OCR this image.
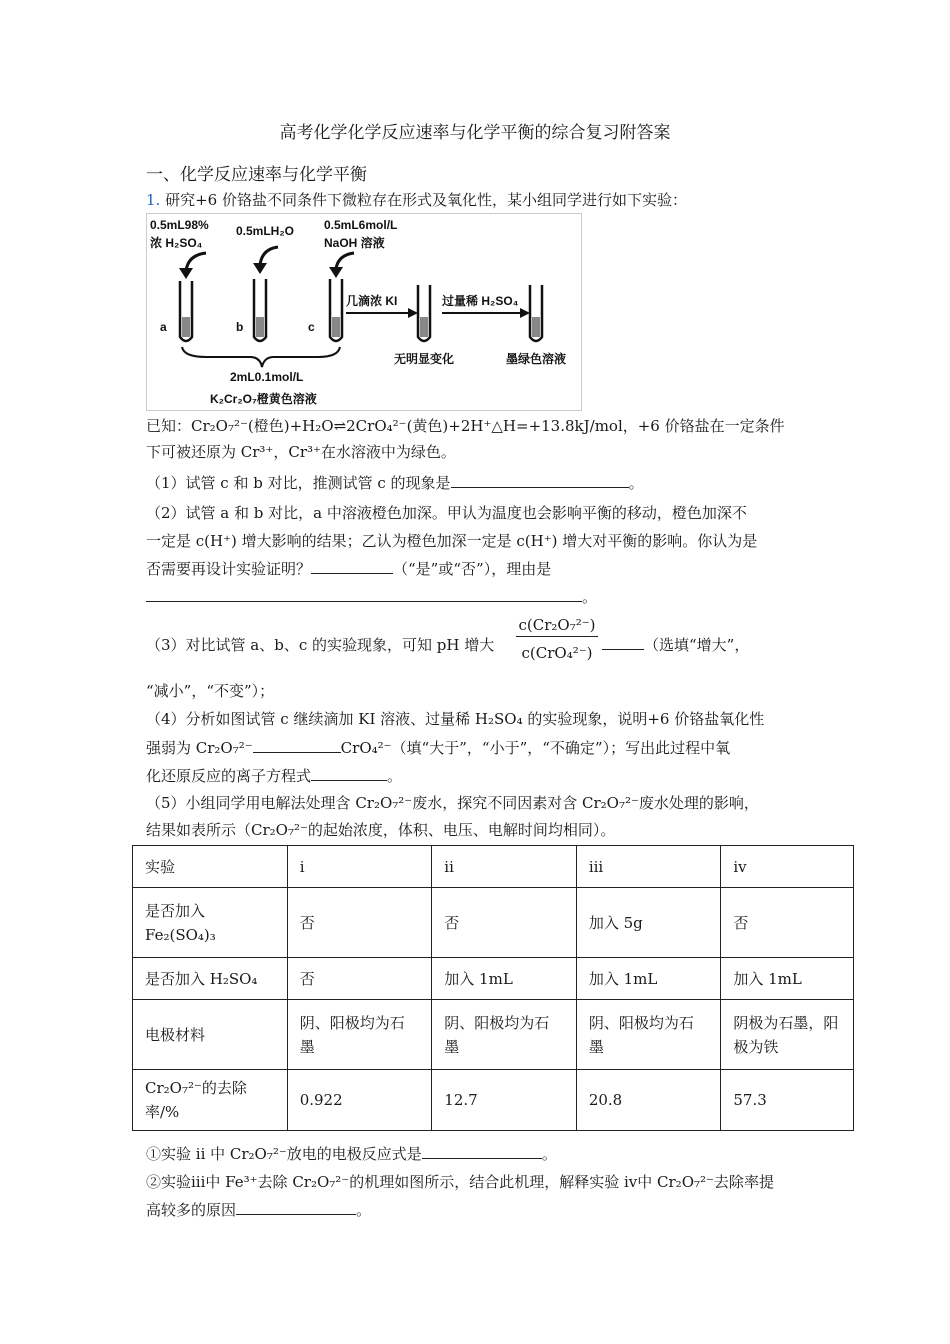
高考化学化学反应速率与化学平衡的综合复习附答案
一、化学反应速率与化学平衡
1. 研究+6 价铬盐不同条件下微粒存在形式及氧化性，某小组同学进行如下实验：
0.5mL98%
浓 H₂SO₄
0.5mLH₂O 0.5mL6mol/L
NaOH 溶液
a	b	c
几滴浓 KI	过量稀 H₂SO₄
无明显变化	墨绿色溶液
2mL0.1mol/L
K₂Cr₂O₇橙黄色溶液
已知：Cr₂O₇²⁻(橙色)+H₂O⇌2CrO₄²⁻(黄色)+2H⁺△H=+13.8kJ/mol，+6 价铬盐在一定条件
下可被还原为 Cr³⁺，Cr³⁺在水溶液中为绿色。
（1）试管 c 和 b 对比，推测试管 c 的现象是	。
（2）试管 a 和 b 对比，a 中溶液橙色加深。甲认为温度也会影响平衡的移动，橙色加深不
一定是 c(H⁺) 增大影响的结果；乙认为橙色加深一定是 c(H⁺) 增大对平衡的影响。你认为是
否需要再设计实验证明？	（“是”或“否”），理由是
。
（3）对比试管 a、b、c 的实验现象，可知 pH 增大
c(Cr₂O₇²⁻)
c(CrO₄²⁻)	（选填“增大”，
“减小”，“不变”）；
（4）分析如图试管 c 继续滴加 KI 溶液、过量稀 H₂SO₄ 的实验现象，说明+6 价铬盐氧化性
强弱为 Cr₂O₇²⁻	CrO₄²⁻（填“大于”，“小于”，“不确定”）；写出此过程中氧
化还原反应的离子方程式	。
（5）小组同学用电解法处理含 Cr₂O₇²⁻废水，探究不同因素对含 Cr₂O₇²⁻废水处理的影响，
结果如表所示（Cr₂O₇²⁻的起始浓度，体积、电压、电解时间均相同）。
实验	i	ii	iii	iv
是否加入 Fe₂(SO₄)₃	否	否	加入 5g	否
是否加入 H₂SO₄	否	加入 1mL	加入 1mL	加入 1mL
电极材料	阴、阳极均为石墨	阴、阳极均为石墨	阴、阳极均为石墨	阴极为石墨，阳极为铁
Cr₂O₇²⁻的去除率/%	0.922	12.7	20.8	57.3
①实验 ii 中 Cr₂O₇²⁻放电的电极反应式是	。
②实验iii中 Fe³⁺去除 Cr₂O₇²⁻的机理如图所示，结合此机理，解释实验 iv中 Cr₂O₇²⁻去除率提
高较多的原因	。
